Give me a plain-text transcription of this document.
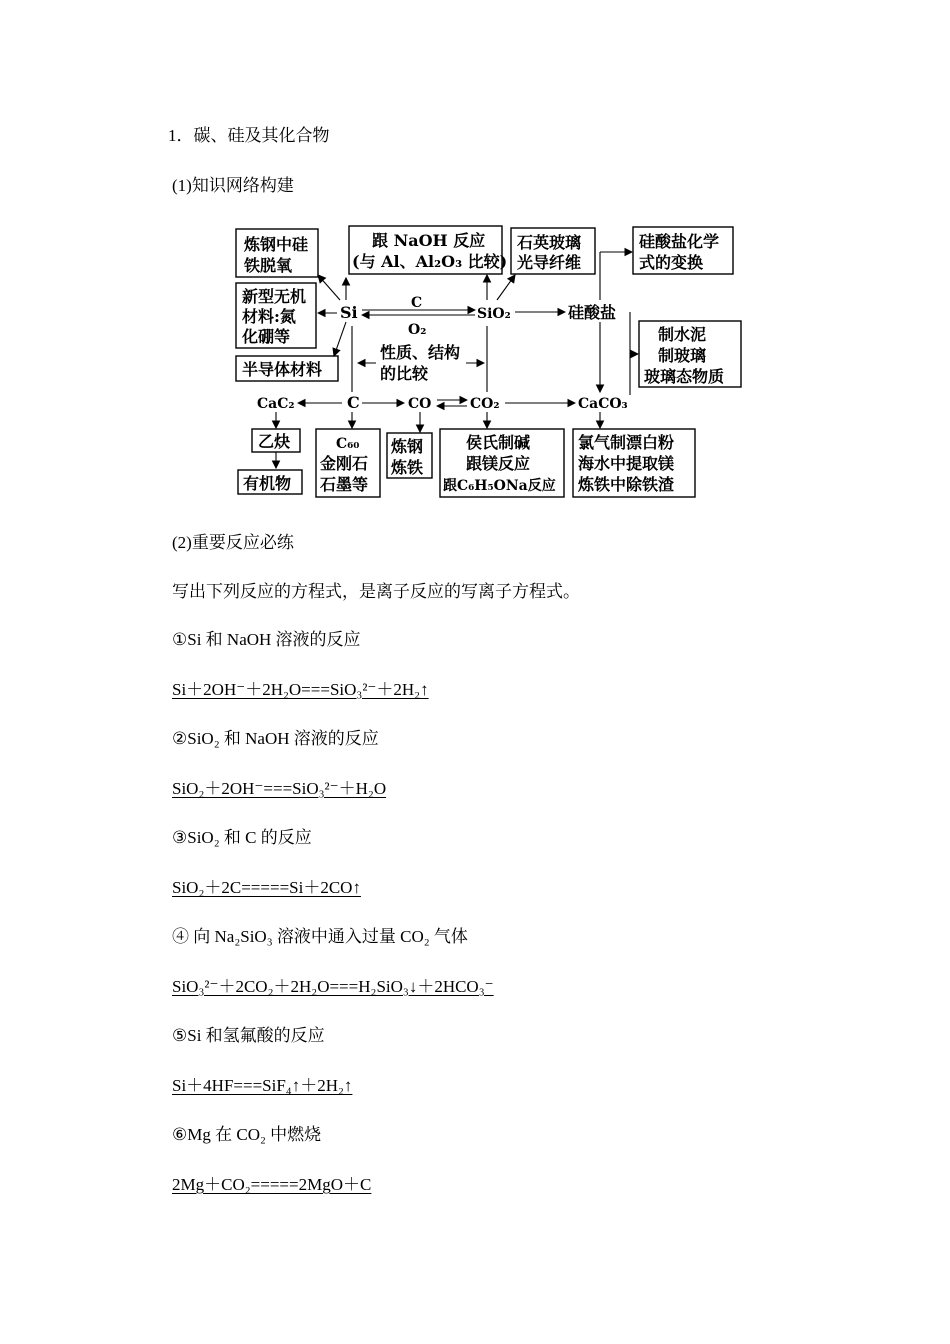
1．碳、硅及其化合物
(1)知识网络构建
炼钢中硅
铁脱氧
跟 NaOH 反应
(与 Al、Al₂O₃ 比较)
石英玻璃
光导纤维
硅酸盐化学
式的变换
新型无机
材料:氮
化硼等
半导体材料
制水泥
制玻璃
玻璃态物质
Si	SiO₂	硅酸盐
C
O₂
性质、结构
的比较
CaC₂	C	CO	CO₂	CaCO₃
乙炔
有机物
C₆₀
金刚石
石墨等
炼钢
炼铁
侯氏制碱
跟镁反应
跟C₆H₅ONa反应
氯气制漂白粉
海水中提取镁
炼铁中除铁渣
(2)重要反应必练
写出下列反应的方程式，是离子反应的写离子方程式。
①Si 和 NaOH 溶液的反应
Si＋2OH⁻＋2H₂O===SiO₃²⁻＋2H₂↑
②SiO₂ 和 NaOH 溶液的反应
SiO₂＋2OH⁻===SiO₃²⁻＋H₂O
③SiO₂ 和 C 的反应
SiO₂＋2C=====Si＋2CO↑
④ 向 Na₂SiO₃ 溶液中通入过量 CO₂ 气体
SiO₃²⁻＋2CO₂＋2H₂O===H₂SiO₃↓＋2HCO₃⁻
⑤Si 和氢氟酸的反应
Si＋4HF===SiF₄↑＋2H₂↑
⑥Mg 在 CO₂ 中燃烧
2Mg＋CO₂=====2MgO＋C
